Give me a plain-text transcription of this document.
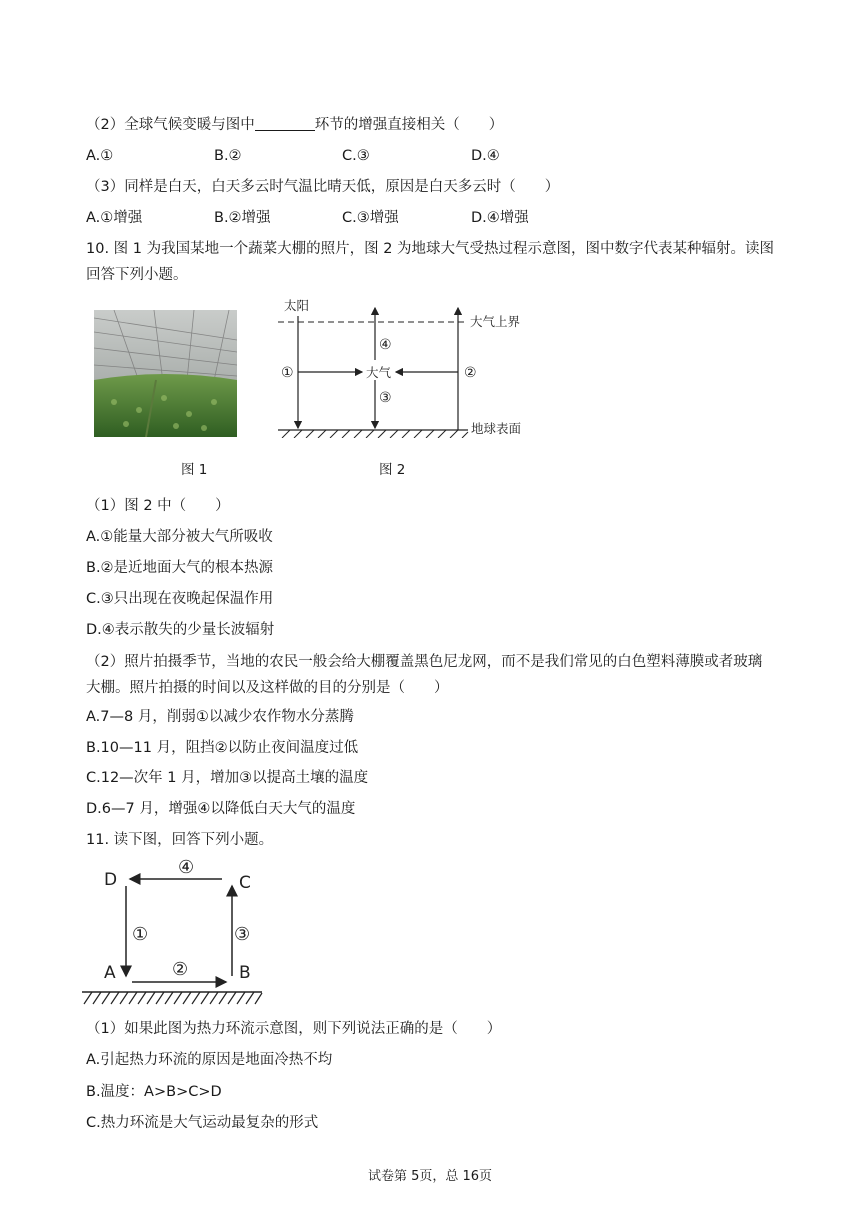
（2）全球气候变暖与图中	环节的增强直接相关（　　）
A.①	B.②	C.③	D.④
（3）同样是白天，白天多云时气温比晴天低，原因是白天多云时（　　）
A.①增强	B.②增强	C.③增强	D.④增强
10. 图 1 为我国某地一个蔬菜大棚的照片，图 2 为地球大气受热过程示意图，图中数字代表某种辐射。读图回答下列小题。
图 1
太阳
大气上界
大气
地球表面
①	②
③
④
图 2
（1）图 2 中（　　）
A.①能量大部分被大气所吸收
B.②是近地面大气的根本热源
C.③只出现在夜晚起保温作用
D.④表示散失的少量长波辐射
（2）照片拍摄季节，当地的农民一般会给大棚覆盖黑色尼龙网，而不是我们常见的白色塑料薄膜或者玻璃大棚。照片拍摄的时间以及这样做的目的分别是（　　）
A.7—8 月，削弱①以减少农作物水分蒸腾
B.10—11 月，阻挡②以防止夜间温度过低
C.12—次年 1 月，增加③以提高土壤的温度
D.6—7 月，增强④以降低白天大气的温度
11. 读下图，回答下列小题。
D	C
A	B
④
①
②
③
（1）如果此图为热力环流示意图，则下列说法正确的是（　　）
A.引起热力环流的原因是地面冷热不均
B.温度：A>B>C>D
C.热力环流是大气运动最复杂的形式
试卷第 5页，总 16页
